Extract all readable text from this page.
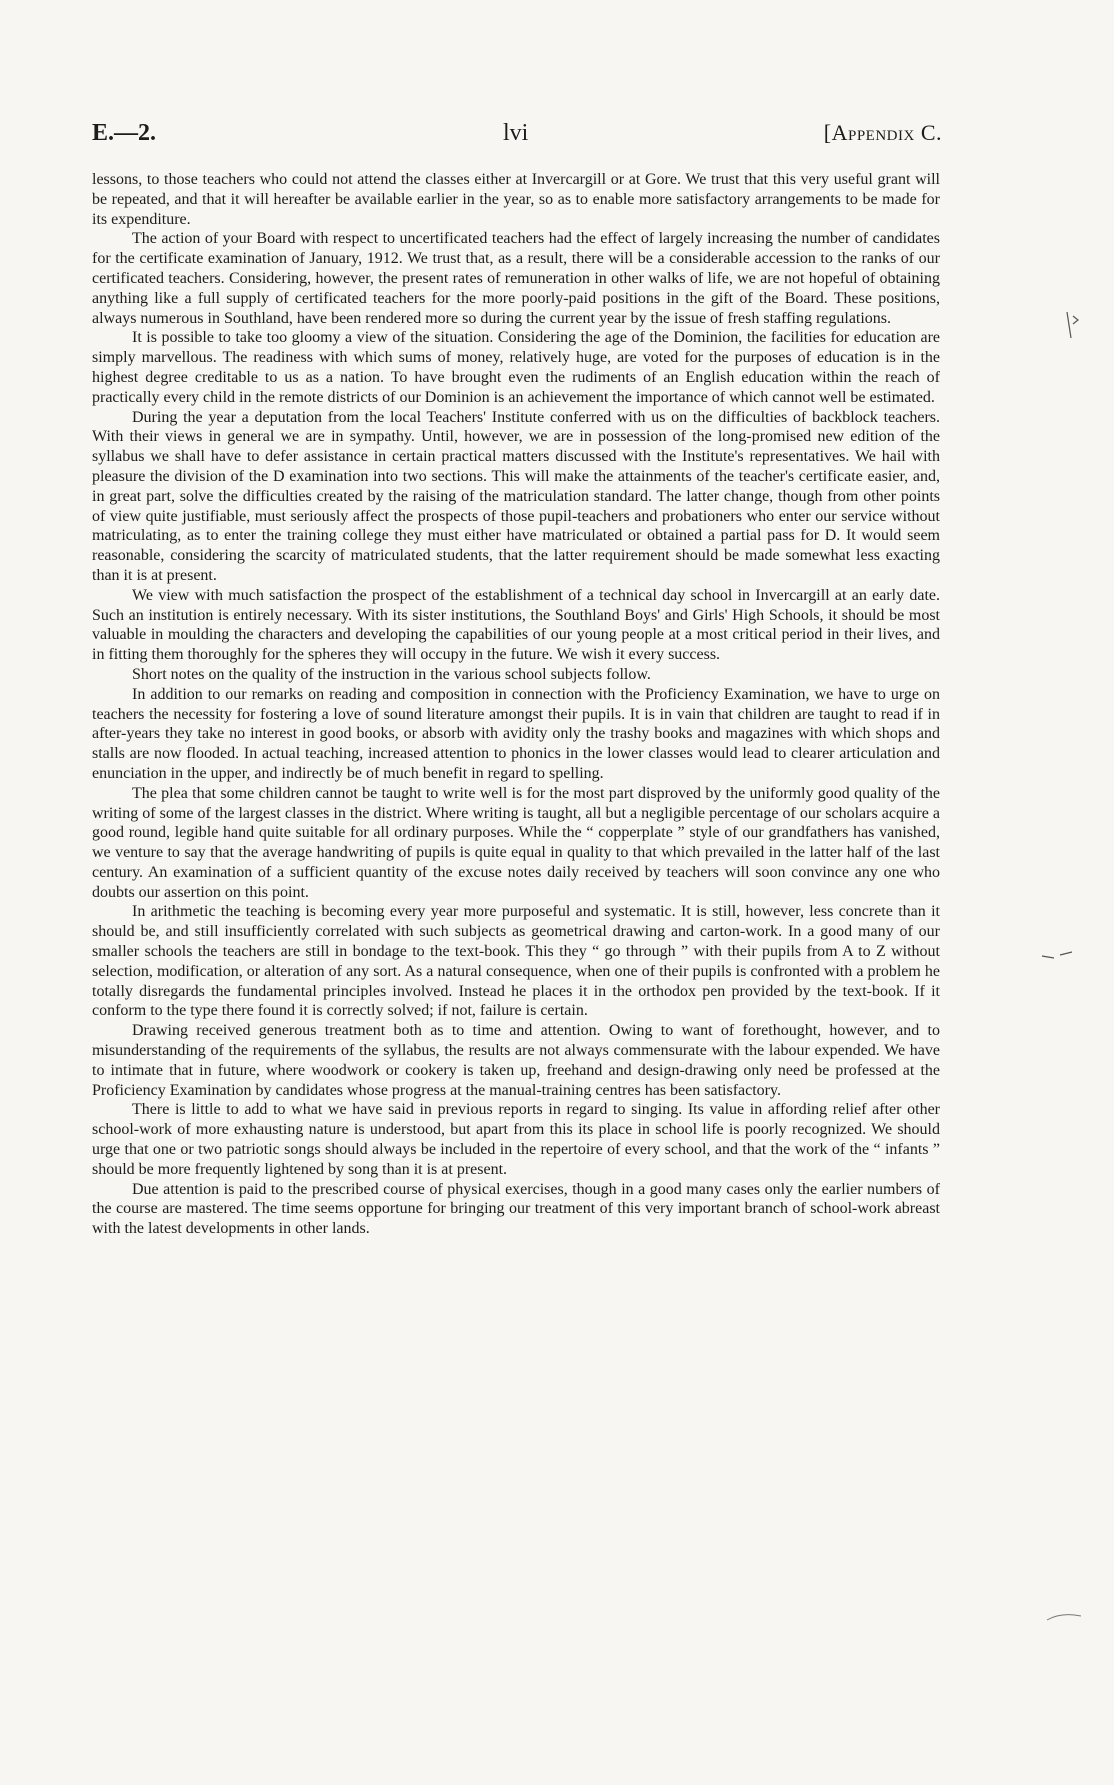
E.—2.	lvi	[Appendix C.

lessons, to those teachers who could not attend the classes either at Invercargill or at Gore. We trust that this very useful grant will be repeated, and that it will hereafter be available earlier in the year, so as to enable more satisfactory arrangements to be made for its expenditure.

The action of your Board with respect to uncertificated teachers had the effect of largely increasing the number of candidates for the certificate examination of January, 1912. We trust that, as a result, there will be a considerable accession to the ranks of our certificated teachers. Considering, however, the present rates of remuneration in other walks of life, we are not hopeful of obtaining anything like a full supply of certificated teachers for the more poorly-paid positions in the gift of the Board. These positions, always numerous in Southland, have been rendered more so during the current year by the issue of fresh staffing regulations.

It is possible to take too gloomy a view of the situation. Considering the age of the Dominion, the facilities for education are simply marvellous. The readiness with which sums of money, relatively huge, are voted for the purposes of education is in the highest degree creditable to us as a nation. To have brought even the rudiments of an English education within the reach of practically every child in the remote districts of our Dominion is an achievement the importance of which cannot well be estimated.

During the year a deputation from the local Teachers' Institute conferred with us on the difficulties of backblock teachers. With their views in general we are in sympathy. Until, however, we are in possession of the long-promised new edition of the syllabus we shall have to defer assistance in certain practical matters discussed with the Institute's representatives. We hail with pleasure the division of the D examination into two sections. This will make the attainments of the teacher's certificate easier, and, in great part, solve the difficulties created by the raising of the matriculation standard. The latter change, though from other points of view quite justifiable, must seriously affect the prospects of those pupil-teachers and probationers who enter our service without matriculating, as to enter the training college they must either have matriculated or obtained a partial pass for D. It would seem reasonable, considering the scarcity of matriculated students, that the latter requirement should be made somewhat less exacting than it is at present.

We view with much satisfaction the prospect of the establishment of a technical day school in Invercargill at an early date. Such an institution is entirely necessary. With its sister institutions, the Southland Boys' and Girls' High Schools, it should be most valuable in moulding the characters and developing the capabilities of our young people at a most critical period in their lives, and in fitting them thoroughly for the spheres they will occupy in the future. We wish it every success.

Short notes on the quality of the instruction in the various school subjects follow.

In addition to our remarks on reading and composition in connection with the Proficiency Examination, we have to urge on teachers the necessity for fostering a love of sound literature amongst their pupils. It is in vain that children are taught to read if in after-years they take no interest in good books, or absorb with avidity only the trashy books and magazines with which shops and stalls are now flooded. In actual teaching, increased attention to phonics in the lower classes would lead to clearer articulation and enunciation in the upper, and indirectly be of much benefit in regard to spelling.

The plea that some children cannot be taught to write well is for the most part disproved by the uniformly good quality of the writing of some of the largest classes in the district. Where writing is taught, all but a negligible percentage of our scholars acquire a good round, legible hand quite suitable for all ordinary purposes. While the “ copperplate ” style of our grandfathers has vanished, we venture to say that the average handwriting of pupils is quite equal in quality to that which prevailed in the latter half of the last century. An examination of a sufficient quantity of the excuse notes daily received by teachers will soon convince any one who doubts our assertion on this point.

In arithmetic the teaching is becoming every year more purposeful and systematic. It is still, however, less concrete than it should be, and still insufficiently correlated with such subjects as geometrical drawing and carton-work. In a good many of our smaller schools the teachers are still in bondage to the text-book. This they “ go through ” with their pupils from A to Z without selection, modification, or alteration of any sort. As a natural consequence, when one of their pupils is confronted with a problem he totally disregards the fundamental principles involved. Instead he places it in the orthodox pen provided by the text-book. If it conform to the type there found it is correctly solved; if not, failure is certain.

Drawing received generous treatment both as to time and attention. Owing to want of forethought, however, and to misunderstanding of the requirements of the syllabus, the results are not always commensurate with the labour expended. We have to intimate that in future, where woodwork or cookery is taken up, freehand and design-drawing only need be professed at the Proficiency Examination by candidates whose progress at the manual-training centres has been satisfactory.

There is little to add to what we have said in previous reports in regard to singing. Its value in affording relief after other school-work of more exhausting nature is understood, but apart from this its place in school life is poorly recognized. We should urge that one or two patriotic songs should always be included in the repertoire of every school, and that the work of the “ infants ” should be more frequently lightened by song than it is at present.

Due attention is paid to the prescribed course of physical exercises, though in a good many cases only the earlier numbers of the course are mastered. The time seems opportune for bringing our treatment of this very important branch of school-work abreast with the latest developments in other lands.
